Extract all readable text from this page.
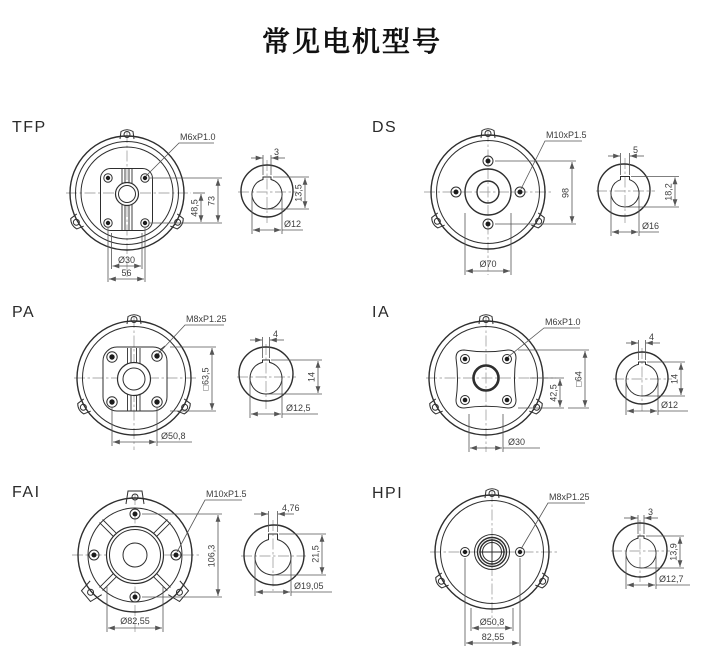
常见电机型号
TFP
M6xP1.0
48,5 73
Ø30
56
3
13,5
Ø12
DS	M10xP1.5
98
Ø70
5
18,2
Ø16
PA	M8xP1.25
□63,5
Ø50,8
4
14
Ø12,5
IA
M6xP1.0
42,5
□64
Ø30
4
14
Ø12
FAI	M10xP1.5
106,3
Ø82,55
4,76
21,5
Ø19,05
HPI	M8xP1.25
Ø50,8
82,55
3
13,9
Ø12,7
